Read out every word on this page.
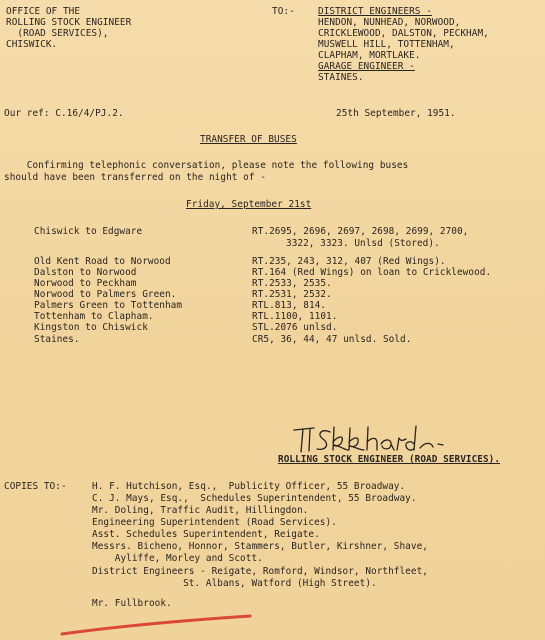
OFFICE OF THE
ROLLING STOCK ENGINEER
(ROAD SERVICES),
CHISWICK.
TO:- DISTRICT ENGINEERS -
HENDON, NUNHEAD, NORWOOD,
CRICKLEWOOD, DALSTON, PECKHAM,
MUSWELL HILL, TOTTENHAM,
CLAPHAM, MORTLAKE.
GARAGE ENGINEER -
STAINES.
Our ref: C.16/4/PJ.2.	25th September, 1951.
TRANSFER OF BUSES
Confirming telephonic conversation, please note the following buses
should have been transferred on the night of -
Friday, September 21st
Chiswick to Edgware	RT.2695, 2696, 2697, 2698, 2699, 2700,
3322, 3323. Unlsd (Stored).
Old Kent Road to Norwood	RT.235, 243, 312, 407 (Red Wings).
Dalston to Norwood	RT.164 (Red Wings) on loan to Cricklewood.
Norwood to Peckham	RT.2533, 2535.
Norwood to Palmers Green.	RT.2531, 2532.
Palmers Green to Tottenham	RTL.813, 814.
Tottenham to Clapham.	RTL.1100, 1101.
Kingston to Chiswick	STL.2076 unlsd.
Staines.	CR5, 36, 44, 47 unlsd. Sold.
ROLLING STOCK ENGINEER (ROAD SERVICES).
COPIES TO:-	H. F. Hutchison, Esq.,  Publicity Officer, 55 Broadway.
C. J. Mays, Esq.,  Schedules Superintendent, 55 Broadway.
Mr. Doling, Traffic Audit, Hillingdon.
Engineering Superintendent (Road Services).
Asst. Schedules Superintendent, Reigate.
Messrs. Bicheno, Honnor, Stammers, Butler, Kirshner, Shave,
Ayliffe, Morley and Scott.
District Engineers - Reigate, Romford, Windsor, Northfleet,
St. Albans, Watford (High Street).
Mr. Fullbrook.
